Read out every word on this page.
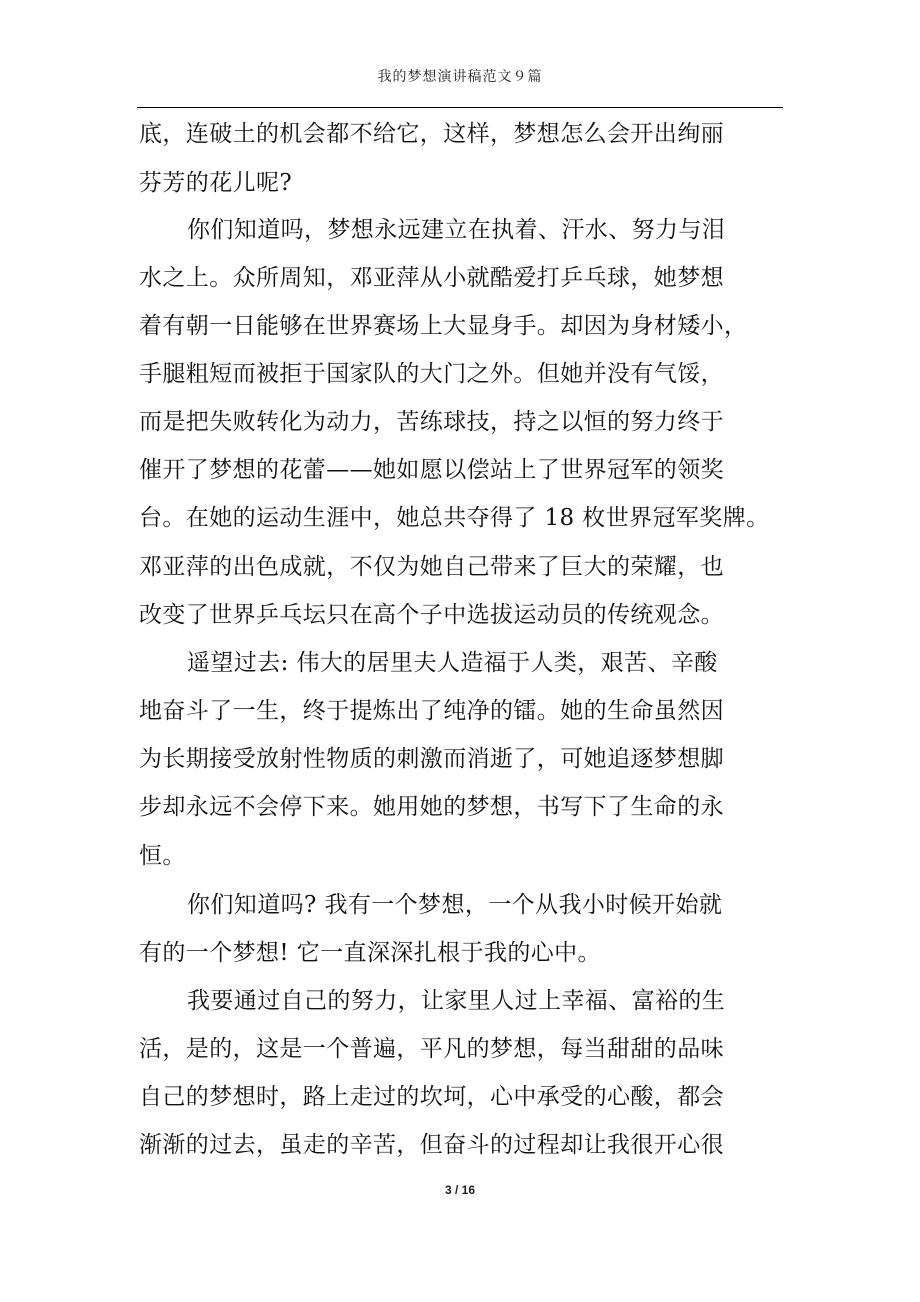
我的梦想演讲稿范文９篇
底，连破土的机会都不给它，这样，梦想怎么会开出绚丽
芬芳的花儿呢?
你们知道吗，梦想永远建立在执着、汗水、努力与泪
水之上。众所周知，邓亚萍从小就酷爱打乒乓球，她梦想
着有朝一日能够在世界赛场上大显身手。却因为身材矮小，
手腿粗短而被拒于国家队的大门之外。但她并没有气馁，
而是把失败转化为动力，苦练球技，持之以恒的努力终于
催开了梦想的花蕾——她如愿以偿站上了世界冠军的领奖
台。在她的运动生涯中，她总共夺得了 18 枚世界冠军奖牌。
邓亚萍的出色成就，不仅为她自己带来了巨大的荣耀，也
改变了世界乒乓坛只在高个子中选拔运动员的传统观念。
遥望过去: 伟大的居里夫人造福于人类，艰苦、辛酸
地奋斗了一生，终于提炼出了纯净的镭。她的生命虽然因
为长期接受放射性物质的刺激而消逝了，可她追逐梦想脚
步却永远不会停下来。她用她的梦想，书写下了生命的永
恒。
你们知道吗? 我有一个梦想，一个从我小时候开始就
有的一个梦想! 它一直深深扎根于我的心中。
我要通过自己的努力，让家里人过上幸福、富裕的生
活，是的，这是一个普遍，平凡的梦想，每当甜甜的品味
自己的梦想时，路上走过的坎坷，心中承受的心酸，都会
渐渐的过去，虽走的辛苦，但奋斗的过程却让我很开心很
3 / 16
